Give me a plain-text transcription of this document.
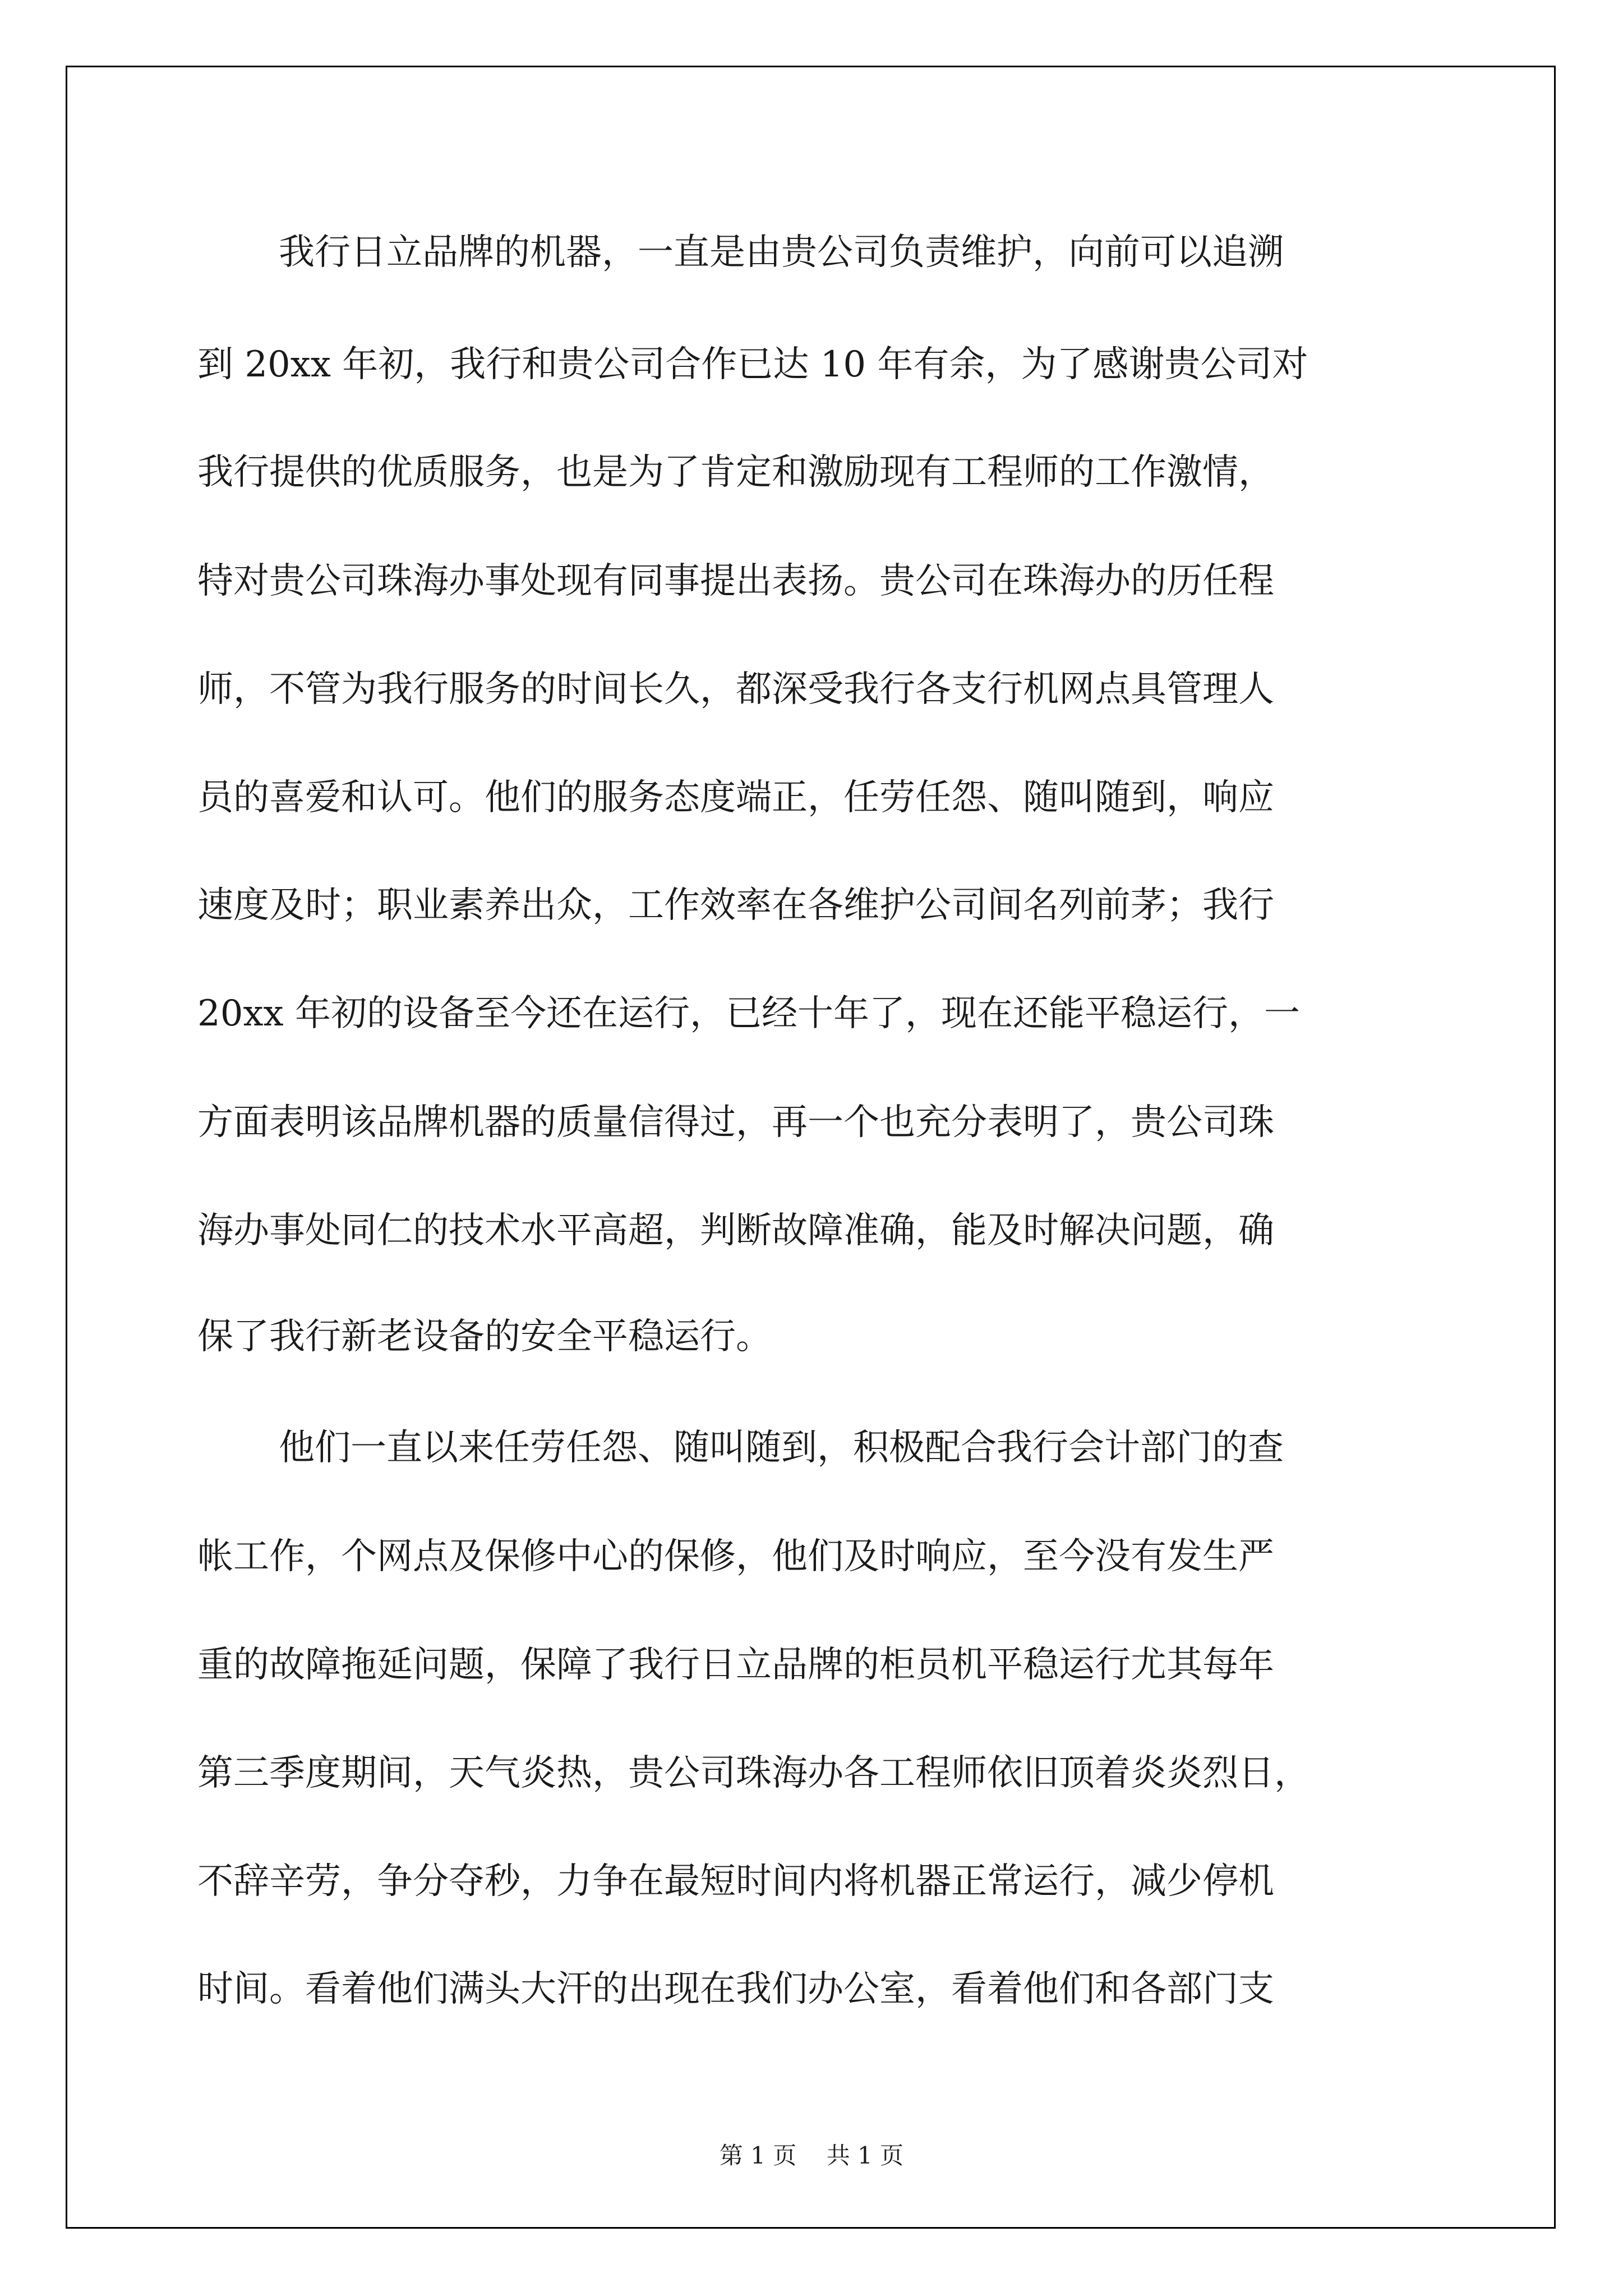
我行日立品牌的机器，一直是由贵公司负责维护，向前可以追溯

到 20xx 年初，我行和贵公司合作已达 10 年有余，为了感谢贵公司对

我行提供的优质服务，也是为了肯定和激励现有工程师的工作激情，

特对贵公司珠海办事处现有同事提出表扬。贵公司在珠海办的历任程

师，不管为我行服务的时间长久，都深受我行各支行机网点具管理人

员的喜爱和认可。他们的服务态度端正，任劳任怨、随叫随到，响应

速度及时；职业素养出众，工作效率在各维护公司间名列前茅；我行

20xx 年初的设备至今还在运行，已经十年了，现在还能平稳运行，一

方面表明该品牌机器的质量信得过，再一个也充分表明了，贵公司珠

海办事处同仁的技术水平高超，判断故障准确，能及时解决问题，确

保了我行新老设备的安全平稳运行。

他们一直以来任劳任怨、随叫随到，积极配合我行会计部门的查

帐工作，个网点及保修中心的保修，他们及时响应，至今没有发生严

重的故障拖延问题，保障了我行日立品牌的柜员机平稳运行尤其每年

第三季度期间，天气炎热，贵公司珠海办各工程师依旧顶着炎炎烈日，

不辞辛劳，争分夺秒，力争在最短时间内将机器正常运行，减少停机

时间。看着他们满头大汗的出现在我们办公室，看着他们和各部门支

第 1 页    共 1 页
